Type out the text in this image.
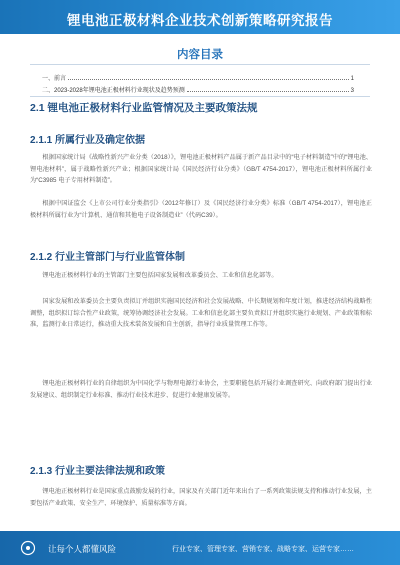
锂电池正极材料企业技术创新策略研究报告
内容目录
一、前言	1
二、2023-2028年锂电池正极材料行业现状及趋势预测	3
2.1 锂电池正极材料行业监管情况及主要政策法规
2.1.1 所属行业及确定依据

根据国家统计局《战略性新兴产业分类（2018）》，锂电池正极材料产品属于新产品目录中的“电子材料制造”中的“锂电池、锂电池材料”，属于战略性新兴产业；根据国家统计局《国民经济行业分类》（GB/T 4754-2017），锂电池正极材料所属行业为“C3985 电子专用材料制造”。

根据中国证监会《上市公司行业分类指引》（2012年修订）及《国民经济行业分类》标准（GB/T 4754-2017），锂电池正极材料所属行业为“计算机、通信和其他电子设备制造业”（代码C39）。

2.1.2 行业主管部门与行业监管体制

锂电池正极材料行业的主管部门主要包括国家发展和改革委员会、工业和信息化部等。

国家发展和改革委员会主要负责拟订并组织实施国民经济和社会发展战略、中长期规划和年度计划，推进经济结构战略性调整，组织拟订综合性产业政策，统筹协调经济社会发展。工业和信息化部主要负责拟订并组织实施行业规划、产业政策和标准，监测行业日常运行，推动重大技术装备发展和自主创新，指导行业质量管理工作等。

锂电池正极材料行业的自律组织为中国化学与物理电源行业协会，主要职能包括开展行业调查研究、向政府部门提出行业发展建议、组织制定行业标准、推动行业技术进步、促进行业健康发展等。

2.1.3 行业主要法律法规和政策

锂电池正极材料行业是国家重点鼓励发展的行业，国家及有关部门近年来出台了一系列政策法规支持和推动行业发展，主要包括产业政策、安全生产、环境保护、质量标准等方面。

让每个人都懂风险	行业专家、管理专家、营销专家、战略专家、运营专家……
